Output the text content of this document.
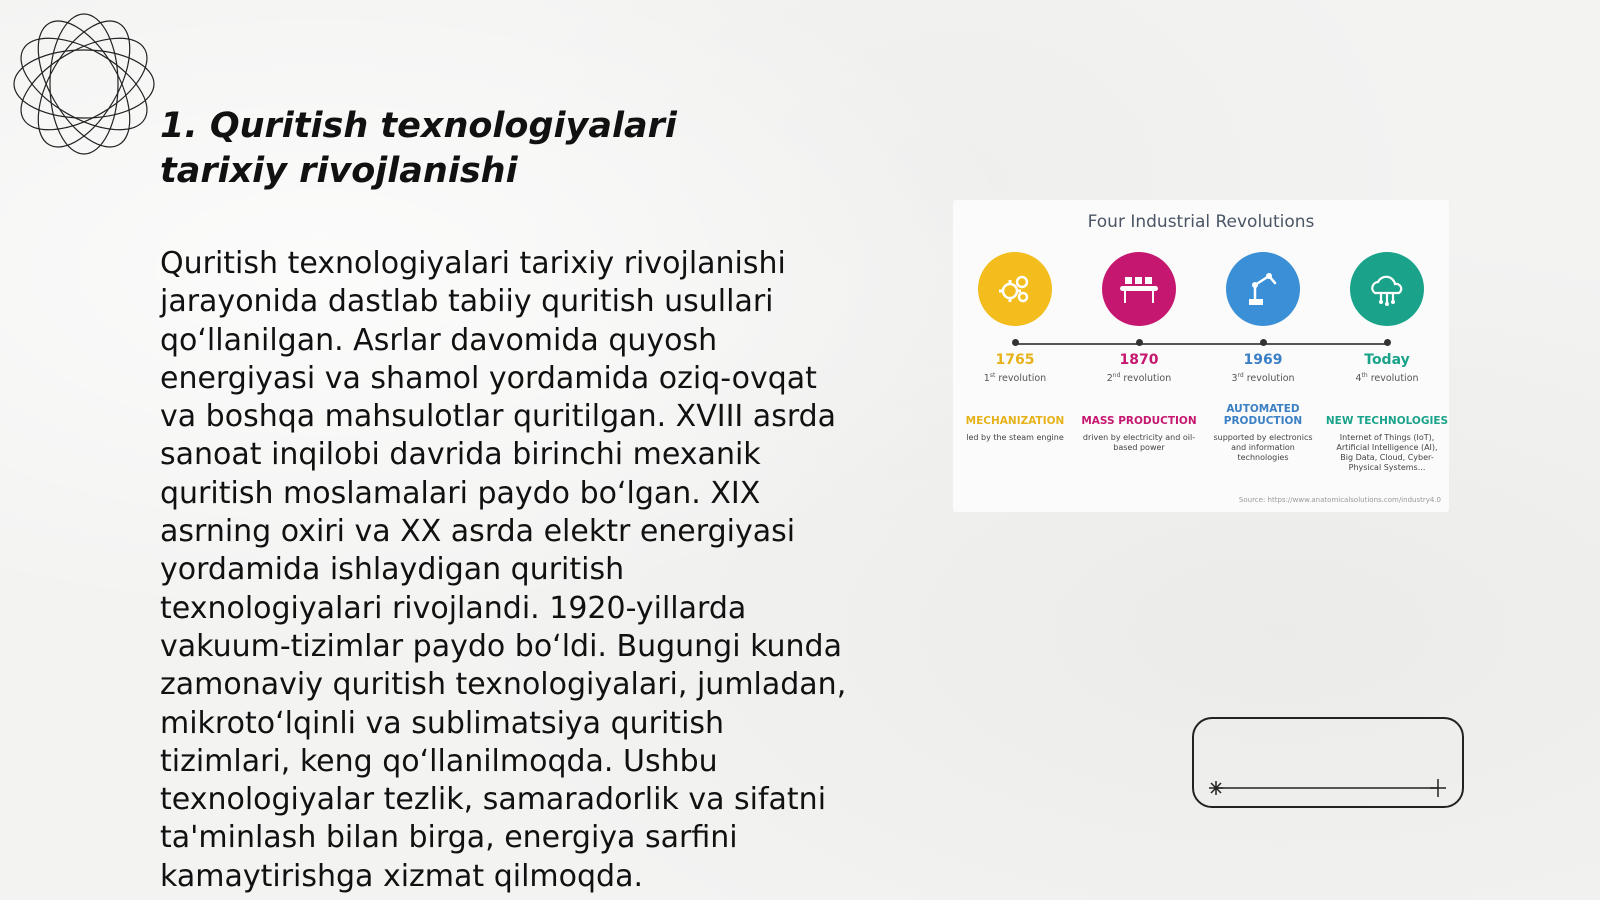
1. Quritish texnologiyalari tarixiy rivojlanishi

Quritish texnologiyalari tarixiy rivojlanishi jarayonida dastlab tabiiy quritish usullari qo‘llanilgan. Asrlar davomida quyosh energiyasi va shamol yordamida oziq-ovqat va boshqa mahsulotlar quritilgan. XVIII asrda sanoat inqilobi davrida birinchi mexanik quritish moslamalari paydo bo‘lgan. XIX asrning oxiri va XX asrda elektr energiyasi yordamida ishlaydigan quritish texnologiyalari rivojlandi. 1920-yillarda vakuum-tizimlar paydo bo‘ldi. Bugungi kunda zamonaviy quritish texnologiyalari, jumladan, mikroto‘lqinli va sublimatsiya quritish tizimlari, keng qo‘llanilmoqda. Ushbu texnologiyalar tezlik, samaradorlik va sifatni ta'minlash bilan birga, energiya sarfini kamaytirishga xizmat qilmoqda.

Four Industrial Revolutions
1765
1st revolution
MECHANIZATION
led by the steam engine
1870
2nd revolution
MASS PRODUCTION
driven by electricity and oil-based power
1969
3rd revolution
AUTOMATED PRODUCTION
supported by electronics and information technologies
Today
4th revolution
NEW TECHNOLOGIES
Internet of Things (IoT), Artificial Intelligence (AI), Big Data, Cloud, Cyber-Physical Systems...
Source: https://www.anatomicalsolutions.com/industry4.0
